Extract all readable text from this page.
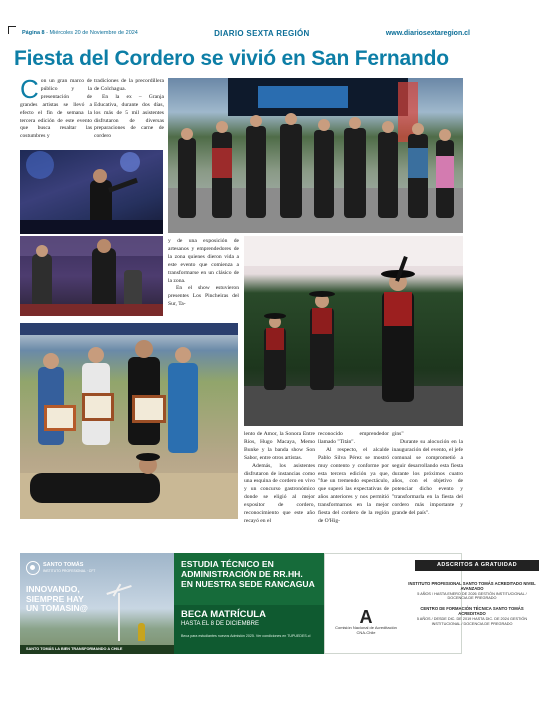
Página 8 - Miércoles 20 de Noviembre de 2024	DIARIO SEXTA REGIÓN	www.diariosextaregion.cl
Fiesta del Cordero se vivió en San Fernando
C on un gran marco de público y la presentación de grandes artistas se llevó a efecto el fin de semana la tercera edición de este evento que busca resaltar las costumbres y

tradiciones de la precordillera de Colchagua.

En la ex – Granja Educativa, durante dos días, los más de 5 mil asistentes disfrutaron de diversas preparaciones de carne de cordero

y de una exposición de artesanos y emprendedores de la zona quienes dieron vida a este evento que comienza a transformarse en un clásico de la zona.

En el show estuvieron presentes Los Pincheiras del Sur, Ta-

lento de Amor, la Sonora Entre Ríos, Hugo Macaya, Memo Bunke y la banda show Son Sabor, entre otros artistas.

Además, los asistentes disfrutaron de instancias como una esquina de cordero en vivo y un concurso gastronómico donde se eligió al mejor expositor de cordero, reconocimiento que este año recayó en el

reconocido emprendedor llamado "Titán".

Al respecto, el alcalde Pablo Silva Pérez se mostró muy contento y conforme por esta tercera edición ya que, "fue un tremendo espectáculo, que superó las expectativas de años anteriores y nos permitió transformarnos en la mejor fiesta del cordero de la región de O'Hig-

gins"

Durante su alocución en la inauguración del evento, el jefe comunal se comprometió a seguir desarrollando esta fiesta durante los próximos cuatro años, con el objetivo de potenciar dicho evento y "transformarla en la fiesta del cordero más importante y grande del país".

SANTO TOMÁS
INSTITUTO PROFESIONAL · CFT
INNOVANDO, SIEMPRE HAY UN TOMASIN@
SANTO TOMÁS LA BIEN TRANSFORMANDO A CHILE
ESTUDIA TÉCNICO EN ADMINISTRACIÓN DE RR.HH. EN NUESTRA SEDE RANCAGUA
BECA MATRÍCULA
HASTA EL 8 DE DICIEMBRE
Beca para estudiantes nuevos Admisión 2025. Ver condiciones en TUPUEDES.cl
ADSCRITOS A GRATUIDAD
INSTITUTO PROFESIONAL SANTO TOMÁS ACREDITADO NIVEL AVANZADO
5 AÑOS / HASTA ENERO DE 2026 GESTIÓN INSTITUCIONAL / DOCENCIA DE PREGRADO
CENTRO DE FORMACIÓN TÉCNICA SANTO TOMÁS ACREDITADO
5 AÑOS / DESDE DIC. DE 2019 HASTA DIC. DE 2024 GESTIÓN INSTITUCIONAL / DOCENCIA DE PREGRADO
A
Comisión Nacional de Acreditación CNA-Chile
